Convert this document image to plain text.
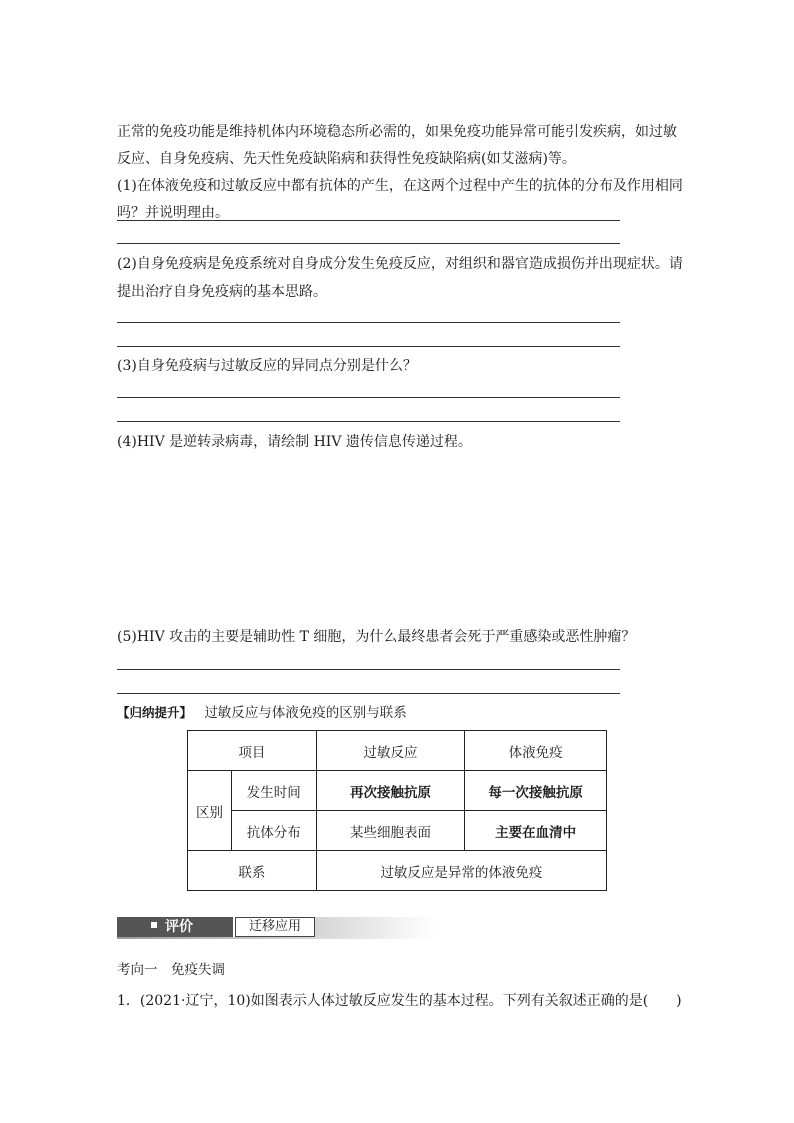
正常的免疫功能是维持机体内环境稳态所必需的，如果免疫功能异常可能引发疾病，如过敏
反应、自身免疫病、先天性免疫缺陷病和获得性免疫缺陷病(如艾滋病)等。
(1)在体液免疫和过敏反应中都有抗体的产生，在这两个过程中产生的抗体的分布及作用相同
吗？并说明理由。
(2)自身免疫病是免疫系统对自身成分发生免疫反应，对组织和器官造成损伤并出现症状。请
提出治疗自身免疫病的基本思路。
(3)自身免疫病与过敏反应的异同点分别是什么？
(4)HIV 是逆转录病毒，请绘制 HIV 遗传信息传递过程。
(5)HIV 攻击的主要是辅助性 T 细胞，为什么最终患者会死于严重感染或恶性肿瘤？
【归纳提升】 过敏反应与体液免疫的区别与联系
项目		过敏反应	体液免疫
区别	发生时间	再次接触抗原	每一次接触抗原
	抗体分布	某些细胞表面	主要在血清中
联系		过敏反应是异常的体液免疫	
评价	迁移应用
考向一　免疫失调
1．(2021·辽宁，10)如图表示人体过敏反应发生的基本过程。下列有关叙述正确的是(　　)
